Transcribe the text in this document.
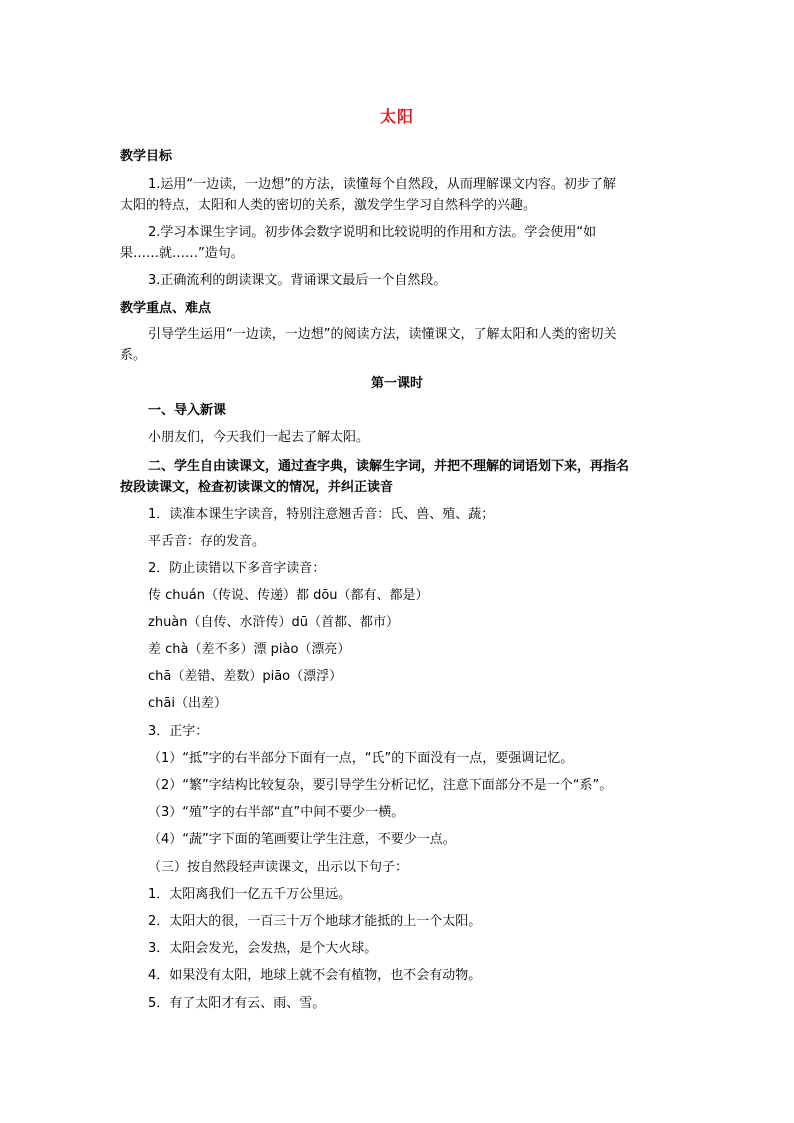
太阳
教学目标
1.运用“一边读，一边想”的方法，读懂每个自然段，从而理解课文内容。初步了解
太阳的特点，太阳和人类的密切的关系，激发学生学习自然科学的兴趣。
2.学习本课生字词。初步体会数字说明和比较说明的作用和方法。学会使用“如
果……就……”造句。
3.正确流利的朗读课文。背诵课文最后一个自然段。
教学重点、难点
引导学生运用“一边读，一边想”的阅读方法，读懂课文，了解太阳和人类的密切关
系。
第一课时
一、导入新课
小朋友们，今天我们一起去了解太阳。
二、学生自由读课文，通过查字典，读解生字词，并把不理解的词语划下来，再指名
按段读课文，检查初读课文的情况，并纠正读音
1．读准本课生字读音，特别注意翘舌音：氏、兽、殖、蔬；
平舌音：存的发音。
2．防止读错以下多音字读音：
传 chuán（传说、传递）都 dōu（都有、都是）
zhuàn（自传、水浒传）dū（首都、都市）
差 chà（差不多）漂 piào（漂亮）
chā（差错、差数）piāo（漂浮）
chāi（出差）
3．正字：
（1）“抵”字的右半部分下面有一点，“氏”的下面没有一点，要强调记忆。
（2）“繁”字结构比较复杂，要引导学生分析记忆，注意下面部分不是一个“系”。
（3）“殖”字的右半部“直”中间不要少一横。
（4）“蔬”字下面的笔画要让学生注意，不要少一点。
（三）按自然段轻声读课文，出示以下句子：
1．太阳离我们一亿五千万公里远。
2．太阳大的很，一百三十万个地球才能抵的上一个太阳。
3．太阳会发光，会发热，是个大火球。
4．如果没有太阳，地球上就不会有植物，也不会有动物。
5．有了太阳才有云、雨、雪。
